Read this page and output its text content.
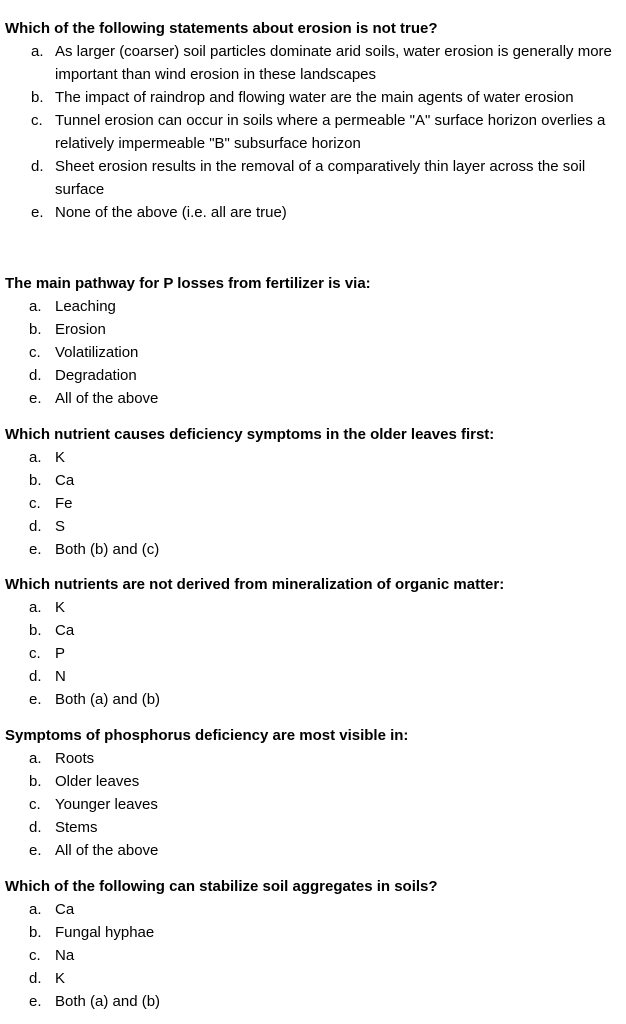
Which of the following statements about erosion is not true?

a. As larger (coarser) soil particles dominate arid soils, water erosion is generally more important than wind erosion in these landscapes
b. The impact of raindrop and flowing water are the main agents of water erosion
c. Tunnel erosion can occur in soils where a permeable "A" surface horizon overlies a relatively impermeable "B" subsurface horizon
d. Sheet erosion results in the removal of a comparatively thin layer across the soil surface
e. None of the above (i.e. all are true)

The main pathway for P losses from fertilizer is via:

a. Leaching
b. Erosion
c. Volatilization
d. Degradation
e. All of the above

Which nutrient causes deficiency symptoms in the older leaves first:

a. K
b. Ca
c. Fe
d. S
e. Both (b) and (c)

Which nutrients are not derived from mineralization of organic matter:

a. K
b. Ca
c. P
d. N
e. Both (a) and (b)

Symptoms of phosphorus deficiency are most visible in:

a. Roots
b. Older leaves
c. Younger leaves
d. Stems
e. All of the above

Which of the following can stabilize soil aggregates in soils?

a. Ca
b. Fungal hyphae
c. Na
d. K
e. Both (a) and (b)
